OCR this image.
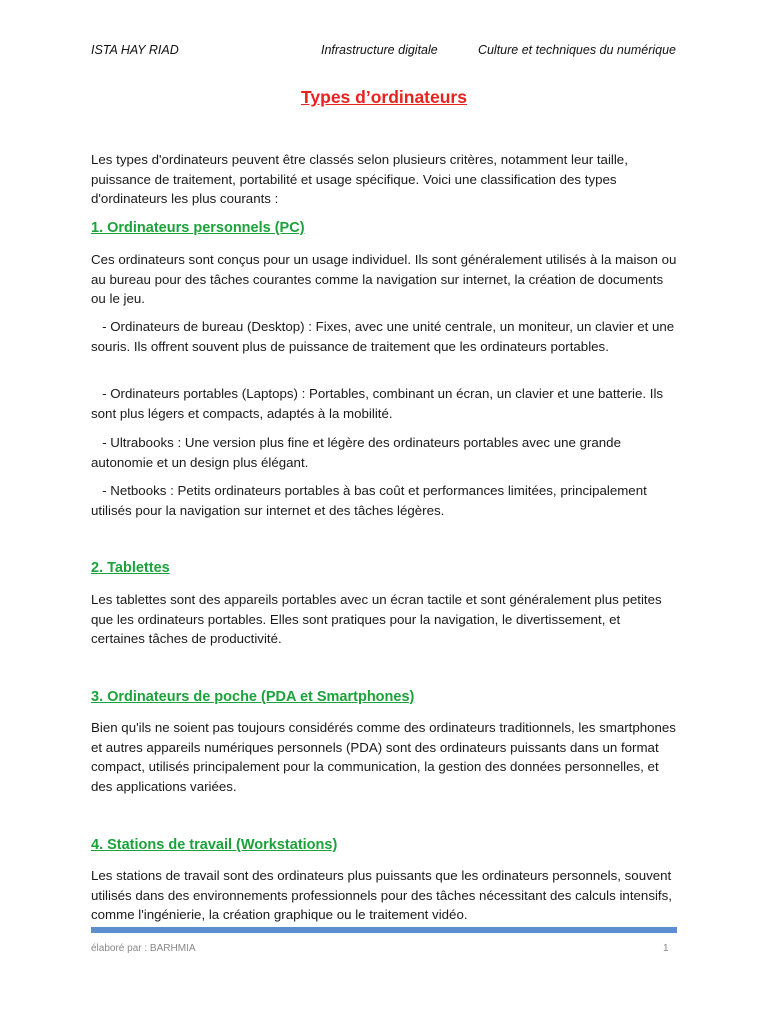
ISTA HAY RIAD	Infrastructure digitale	Culture et techniques du numérique
Types d’ordinateurs

Les types d'ordinateurs peuvent être classés selon plusieurs critères, notamment leur taille, puissance de traitement, portabilité et usage spécifique. Voici une classification des types d'ordinateurs les plus courants :

1. Ordinateurs personnels (PC)

Ces ordinateurs sont conçus pour un usage individuel. Ils sont généralement utilisés à la maison ou au bureau pour des tâches courantes comme la navigation sur internet, la création de documents ou le jeu.

- Ordinateurs de bureau (Desktop) : Fixes, avec une unité centrale, un moniteur, un clavier et une souris. Ils offrent souvent plus de puissance de traitement que les ordinateurs portables.

- Ordinateurs portables (Laptops) : Portables, combinant un écran, un clavier et une batterie. Ils sont plus légers et compacts, adaptés à la mobilité.

- Ultrabooks : Une version plus fine et légère des ordinateurs portables avec une grande autonomie et un design plus élégant.

- Netbooks : Petits ordinateurs portables à bas coût et performances limitées, principalement utilisés pour la navigation sur internet et des tâches légères.

2. Tablettes

Les tablettes sont des appareils portables avec un écran tactile et sont généralement plus petites que les ordinateurs portables. Elles sont pratiques pour la navigation, le divertissement, et certaines tâches de productivité.

3. Ordinateurs de poche (PDA et Smartphones)

Bien qu'ils ne soient pas toujours considérés comme des ordinateurs traditionnels, les smartphones et autres appareils numériques personnels (PDA) sont des ordinateurs puissants dans un format compact, utilisés principalement pour la communication, la gestion des données personnelles, et des applications variées.

4. Stations de travail (Workstations)

Les stations de travail sont des ordinateurs plus puissants que les ordinateurs personnels, souvent utilisés dans des environnements professionnels pour des tâches nécessitant des calculs intensifs, comme l'ingénierie, la création graphique ou le traitement vidéo.

élaboré par : BARHMIA	1
